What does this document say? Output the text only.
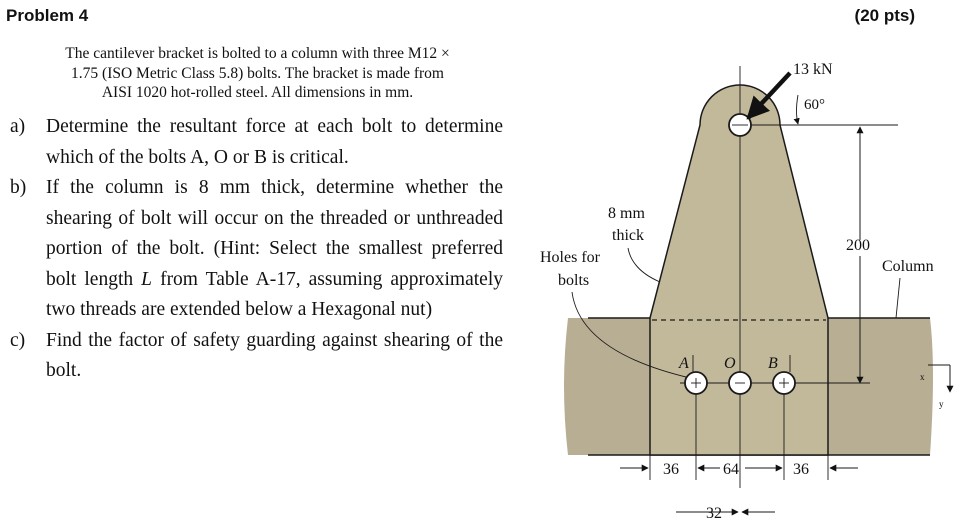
Problem 4	(20 pts)
The cantilever bracket is bolted to a column with three M12 ×
1.75 (ISO Metric Class 5.8) bolts. The bracket is made from
AISI 1020 hot-rolled steel. All dimensions in mm.
a)	Determine the resultant force at each bolt to determine which of the bolts A, O or B is critical.
b)	If the column is 8 mm thick, determine whether the shearing of bolt will occur on the threaded or unthreaded portion of the bolt. (Hint: Select the smallest preferred bolt length L from Table A-17, assuming approximately two threads are extended below a Hexagonal nut)
c)	Find the factor of safety guarding against shearing of the bolt.
13 kN
60°
200
Column
8 mm
thick
Holes for
bolts
A O B
36	64	36
32
x
y
